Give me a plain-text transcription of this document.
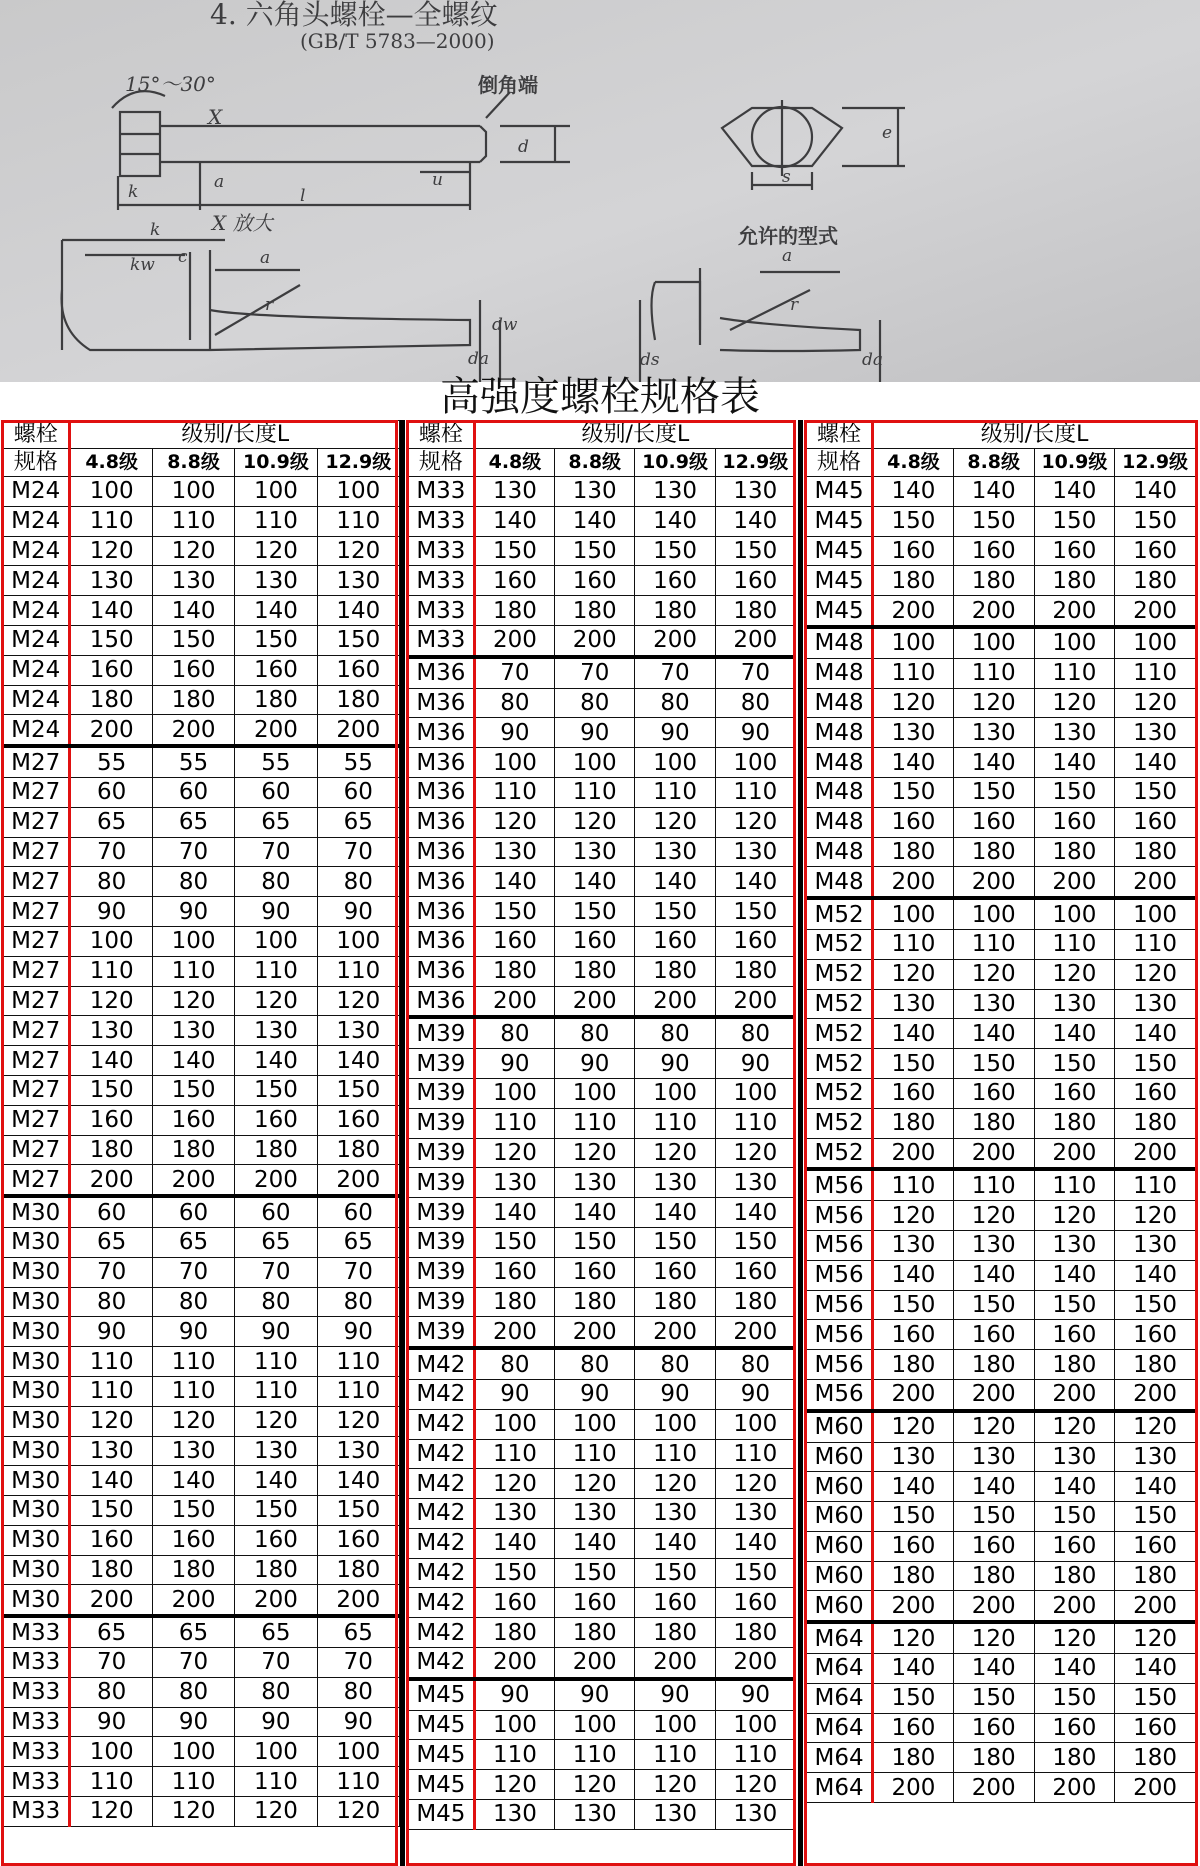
4. 六角头螺栓—全螺纹
(GB/T 5783—2000)
15°～30°	倒角端
X
X 放大
允许的型式
k	a
l
u
d
s
e
k
kw c	a
r
da
dw
a
r
ds	da
高强度螺栓规格表
螺栓	级别/长度L			
规格	4.8级	8.8级	10.9级	12.9级
M24	100	100	100	100
M24	110	110	110	110
M24	120	120	120	120
M24	130	130	130	130
M24	140	140	140	140
M24	150	150	150	150
M24	160	160	160	160
M24	180	180	180	180
M24	200	200	200	200
M27	55	55	55	55
M27	60	60	60	60
M27	65	65	65	65
M27	70	70	70	70
M27	80	80	80	80
M27	90	90	90	90
M27	100	100	100	100
M27	110	110	110	110
M27	120	120	120	120
M27	130	130	130	130
M27	140	140	140	140
M27	150	150	150	150
M27	160	160	160	160
M27	180	180	180	180
M27	200	200	200	200
M30	60	60	60	60
M30	65	65	65	65
M30	70	70	70	70
M30	80	80	80	80
M30	90	90	90	90
M30	110	110	110	110
M30	110	110	110	110
M30	120	120	120	120
M30	130	130	130	130
M30	140	140	140	140
M30	150	150	150	150
M30	160	160	160	160
M30	180	180	180	180
M30	200	200	200	200
M33	65	65	65	65
M33	70	70	70	70
M33	80	80	80	80
M33	90	90	90	90
M33	100	100	100	100
M33	110	110	110	110
M33	120	120	120	120
螺栓	级别/长度L			
规格	4.8级	8.8级	10.9级	12.9级
M33	130	130	130	130
M33	140	140	140	140
M33	150	150	150	150
M33	160	160	160	160
M33	180	180	180	180
M33	200	200	200	200
M36	70	70	70	70
M36	80	80	80	80
M36	90	90	90	90
M36	100	100	100	100
M36	110	110	110	110
M36	120	120	120	120
M36	130	130	130	130
M36	140	140	140	140
M36	150	150	150	150
M36	160	160	160	160
M36	180	180	180	180
M36	200	200	200	200
M39	80	80	80	80
M39	90	90	90	90
M39	100	100	100	100
M39	110	110	110	110
M39	120	120	120	120
M39	130	130	130	130
M39	140	140	140	140
M39	150	150	150	150
M39	160	160	160	160
M39	180	180	180	180
M39	200	200	200	200
M42	80	80	80	80
M42	90	90	90	90
M42	100	100	100	100
M42	110	110	110	110
M42	120	120	120	120
M42	130	130	130	130
M42	140	140	140	140
M42	150	150	150	150
M42	160	160	160	160
M42	180	180	180	180
M42	200	200	200	200
M45	90	90	90	90
M45	100	100	100	100
M45	110	110	110	110
M45	120	120	120	120
M45	130	130	130	130
螺栓	级别/长度L			
规格	4.8级	8.8级	10.9级	12.9级
M45	140	140	140	140
M45	150	150	150	150
M45	160	160	160	160
M45	180	180	180	180
M45	200	200	200	200
M48	100	100	100	100
M48	110	110	110	110
M48	120	120	120	120
M48	130	130	130	130
M48	140	140	140	140
M48	150	150	150	150
M48	160	160	160	160
M48	180	180	180	180
M48	200	200	200	200
M52	100	100	100	100
M52	110	110	110	110
M52	120	120	120	120
M52	130	130	130	130
M52	140	140	140	140
M52	150	150	150	150
M52	160	160	160	160
M52	180	180	180	180
M52	200	200	200	200
M56	110	110	110	110
M56	120	120	120	120
M56	130	130	130	130
M56	140	140	140	140
M56	150	150	150	150
M56	160	160	160	160
M56	180	180	180	180
M56	200	200	200	200
M60	120	120	120	120
M60	130	130	130	130
M60	140	140	140	140
M60	150	150	150	150
M60	160	160	160	160
M60	180	180	180	180
M60	200	200	200	200
M64	120	120	120	120
M64	140	140	140	140
M64	150	150	150	150
M64	160	160	160	160
M64	180	180	180	180
M64	200	200	200	200
